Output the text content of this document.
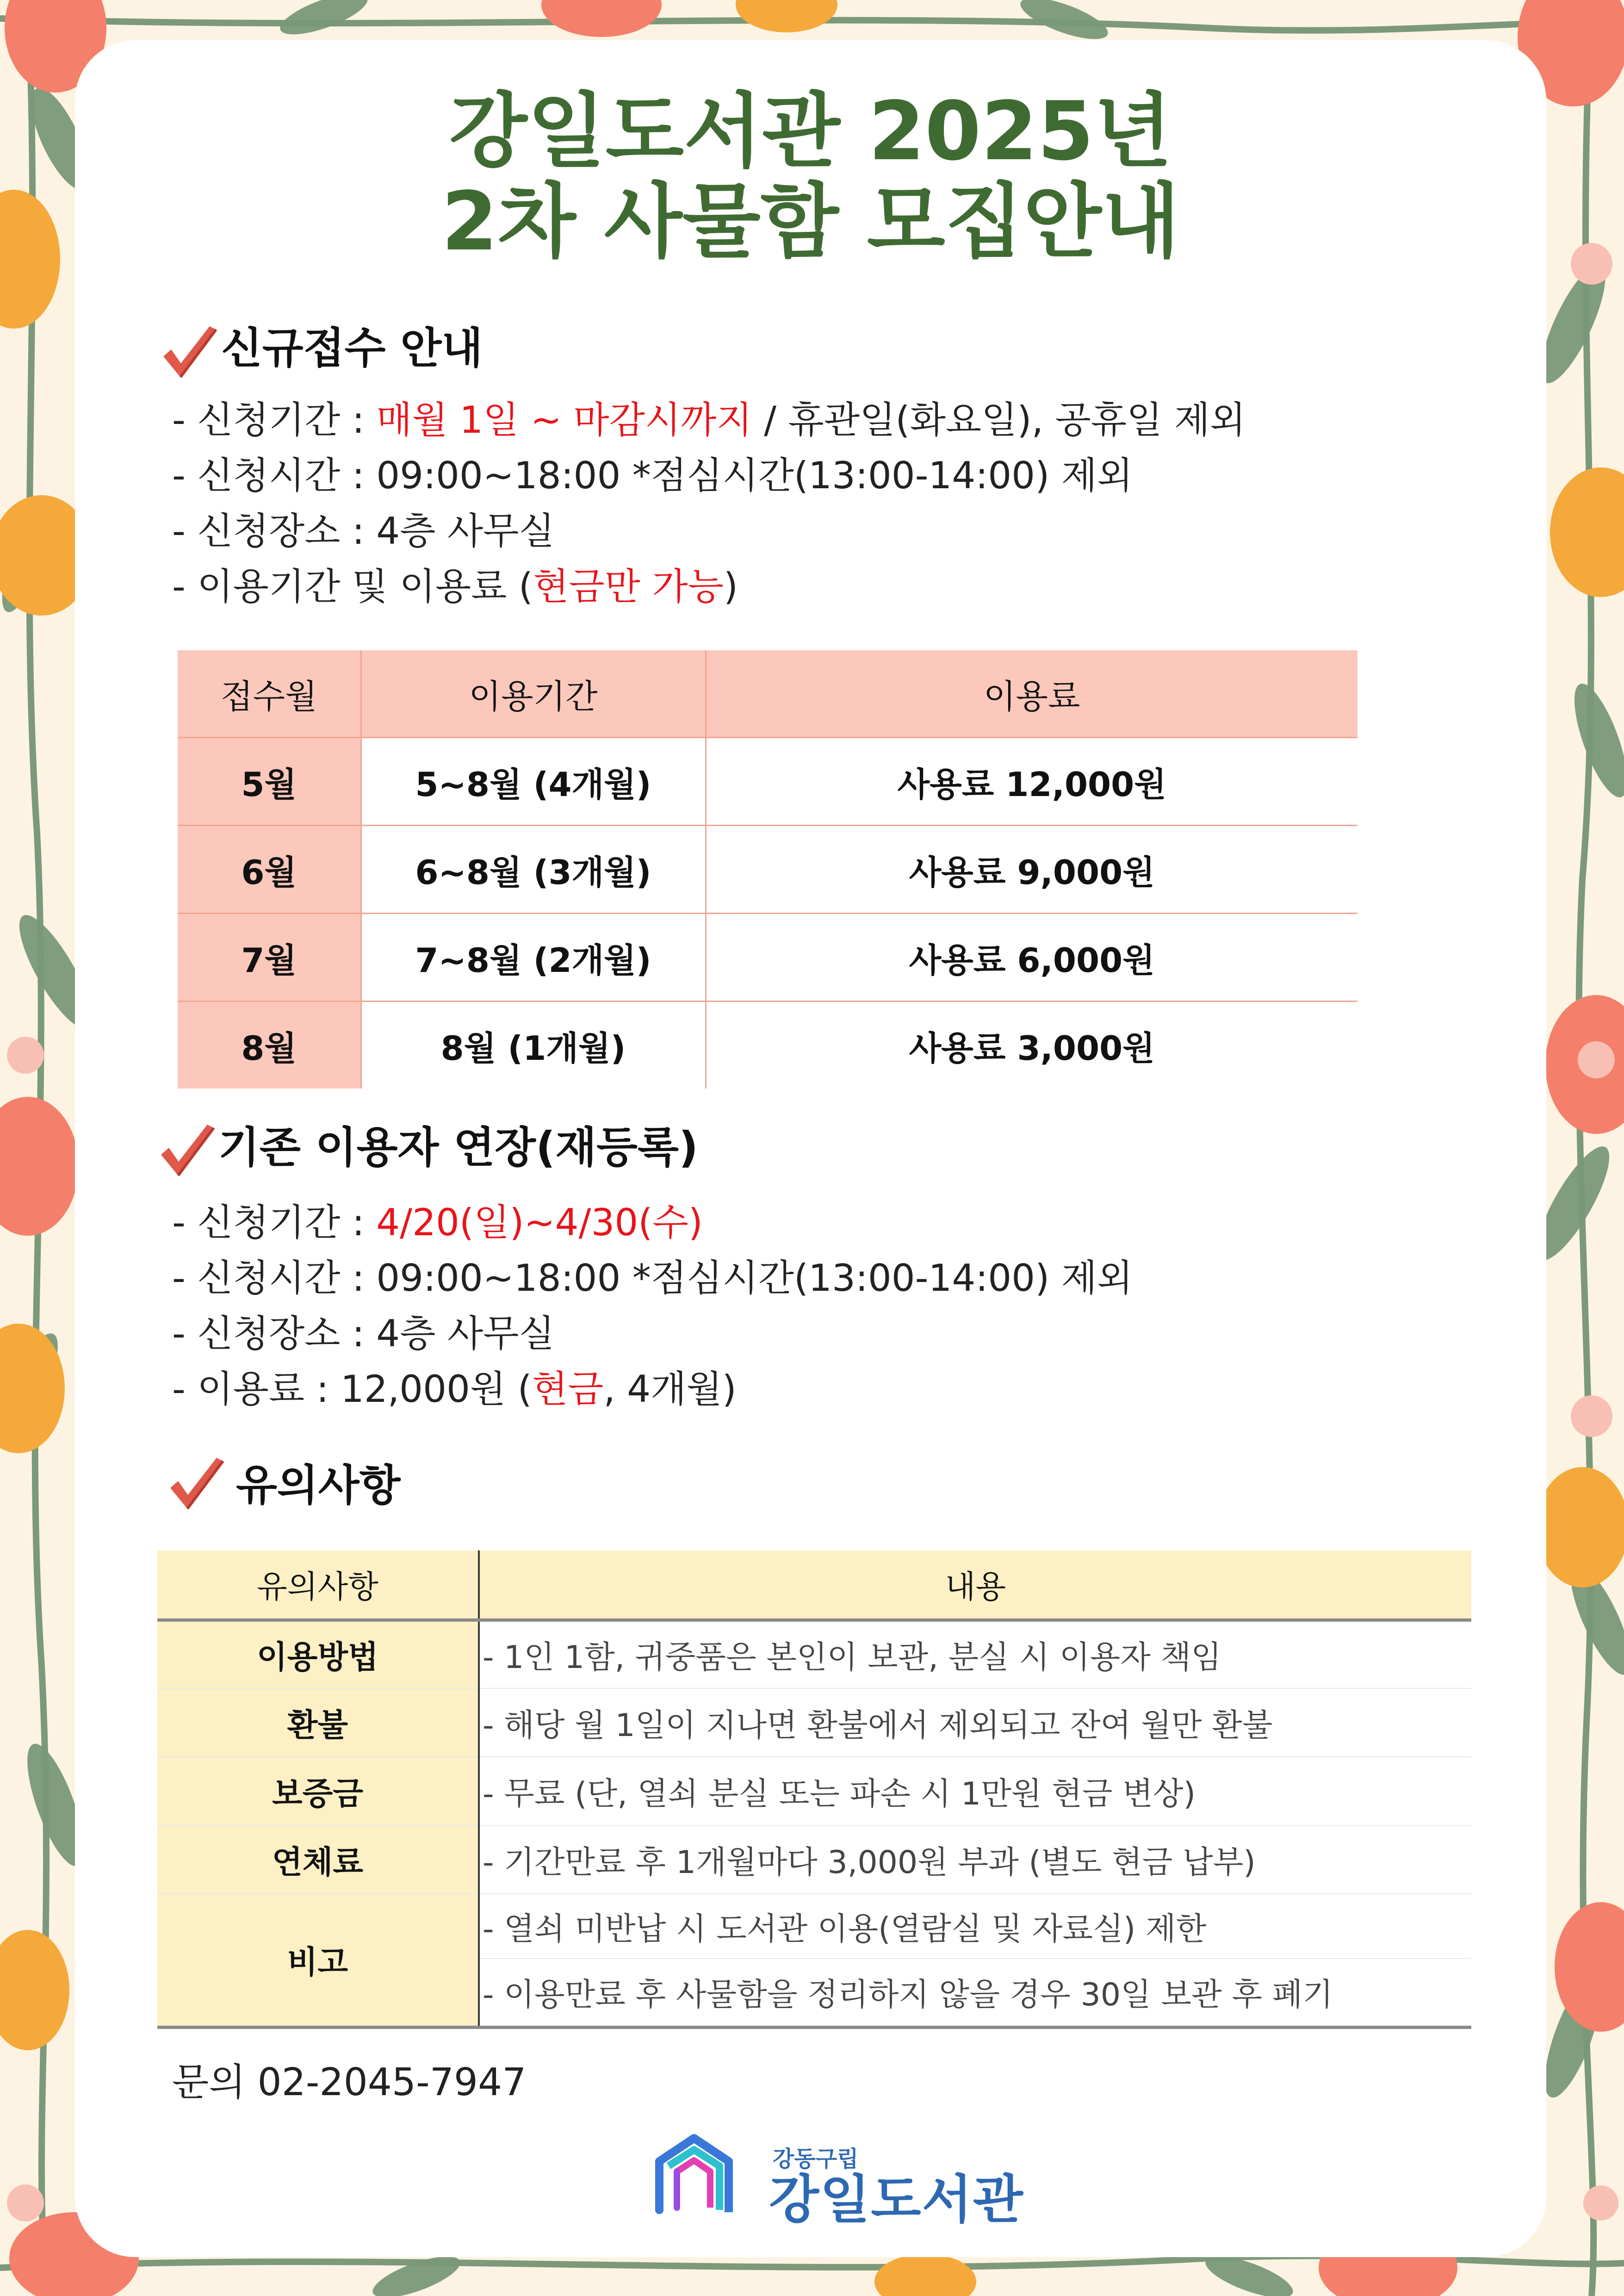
강일도서관 2025년
2차 사물함 모집안내
신규접수 안내
- 신청기간 : 매월 1일 ~ 마감시까지 / 휴관일(화요일), 공휴일 제외
- 신청시간 : 09:00~18:00 *점심시간(13:00-14:00) 제외
- 신청장소 : 4층 사무실
- 이용기간 및 이용료 (현금만 가능)
접수월	이용기간	이용료
5월	5~8월 (4개월)	사용료 12,000원
6월	6~8월 (3개월)	사용료 9,000원
7월	7~8월 (2개월)	사용료 6,000원
8월	8월 (1개월)	사용료 3,000원
기존 이용자 연장(재등록)
- 신청기간 : 4/20(일)~4/30(수)
- 신청시간 : 09:00~18:00 *점심시간(13:00-14:00) 제외
- 신청장소 : 4층 사무실
- 이용료 : 12,000원 (현금, 4개월)
유의사항
유의사항	내용
이용방법	- 1인 1함, 귀중품은 본인이 보관, 분실 시 이용자 책임
환불	- 해당 월 1일이 지나면 환불에서 제외되고 잔여 월만 환불
보증금	- 무료 (단, 열쇠 분실 또는 파손 시 1만원 현금 변상)
연체료	- 기간만료 후 1개월마다 3,000원 부과 (별도 현금 납부)
비고	- 열쇠 미반납 시 도서관 이용(열람실 및 자료실) 제한
	- 이용만료 후 사물함을 정리하지 않을 경우 30일 보관 후 폐기
문의 02-2045-7947
강동구립
강일도서관
